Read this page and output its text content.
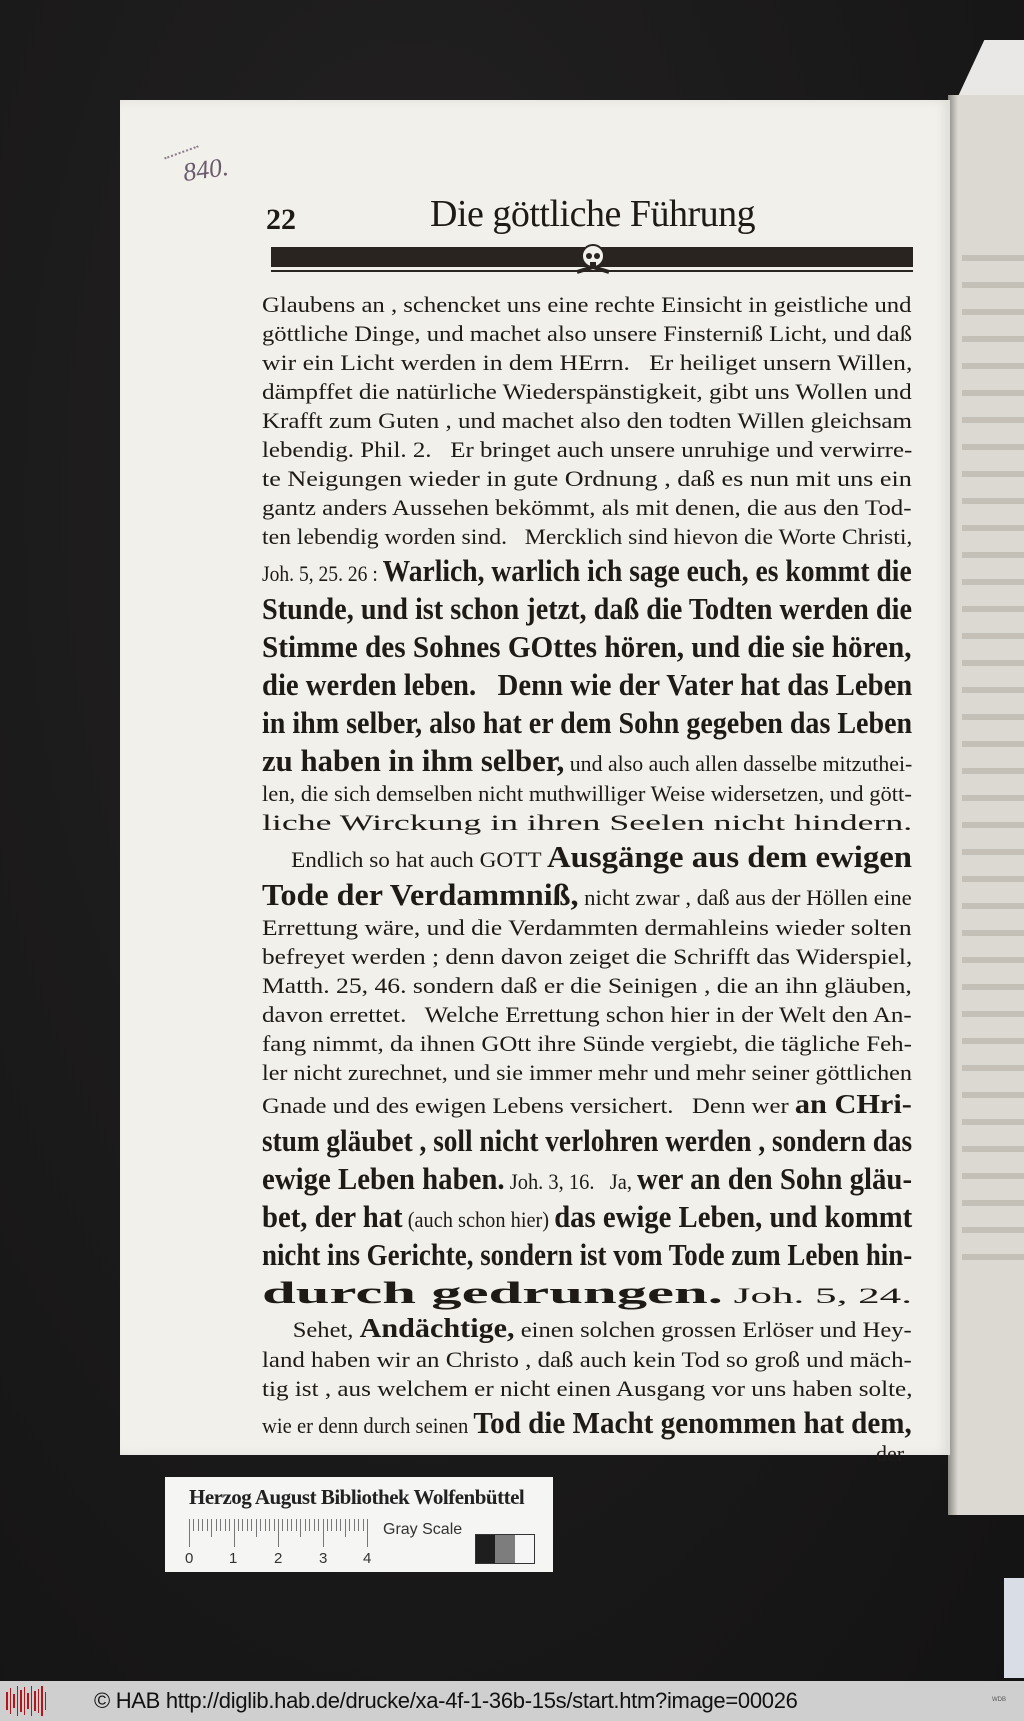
840.
22	Die göttliche Führung
Glaubens an , schencket uns eine rechte Einsicht in geistliche und
göttliche Dinge, und machet also unsere Finsterniß Licht, und daß
wir ein Licht werden in dem HErrn.   Er heiliget unsern Willen,
dämpffet die natürliche Wiederspänstigkeit, gibt uns Wollen und
Krafft zum Guten , und machet also den todten Willen gleichsam
lebendig. Phil. 2.   Er bringet auch unsere unruhige und verwirre-
te Neigungen wieder in gute Ordnung , daß es nun mit uns ein
gantz anders Aussehen bekömmt, als mit denen, die aus den Tod-
ten lebendig worden sind.   Mercklich sind hievon die Worte Christi,
Joh. 5, 25. 26 : Warlich, warlich ich sage euch, es kommt die
Stunde, und ist schon jetzt, daß die Todten werden die
Stimme des Sohnes GOttes hören, und die sie hören,
die werden leben.   Denn wie der Vater hat das Leben
in ihm selber, also hat er dem Sohn gegeben das Leben
zu haben in ihm selber, und also auch allen dasselbe mitzuthei-
len, die sich demselben nicht muthwilliger Weise widersetzen, und gött-
liche Wirckung in ihren Seelen nicht hindern.
Endlich so hat auch GOTT Ausgänge aus dem ewigen
Tode der Verdammniß, nicht zwar , daß aus der Höllen eine
Errettung wäre, und die Verdammten dermahleins wieder solten
befreyet werden ; denn davon zeiget die Schrifft das Widerspiel,
Matth. 25, 46. sondern daß er die Seinigen , die an ihn gläuben,
davon errettet.   Welche Errettung schon hier in der Welt den An-
fang nimmt, da ihnen GOtt ihre Sünde vergiebt, die tägliche Feh-
ler nicht zurechnet, und sie immer mehr und mehr seiner göttlichen
Gnade und des ewigen Lebens versichert.   Denn wer an CHri-
stum gläubet , soll nicht verlohren werden , sondern das
ewige Leben haben. Joh. 3, 16.   Ja, wer an den Sohn gläu-
bet, der hat (auch schon hier) das ewige Leben, und kommt
nicht ins Gerichte, sondern ist vom Tode zum Leben hin-
durch gedrungen. Joh. 5, 24.
Sehet, Andächtige, einen solchen grossen Erlöser und Hey-
land haben wir an Christo , daß auch kein Tod so groß und mäch-
tig ist , aus welchem er nicht einen Ausgang vor uns haben solte,
wie er denn durch seinen Tod die Macht genommen hat dem,
der
Herzog August Bibliothek Wolfenbüttel
0 1 2 3 4
Gray Scale
© HAB http://diglib.hab.de/drucke/xa-4f-1-36b-15s/start.htm?image=00026	WDB
